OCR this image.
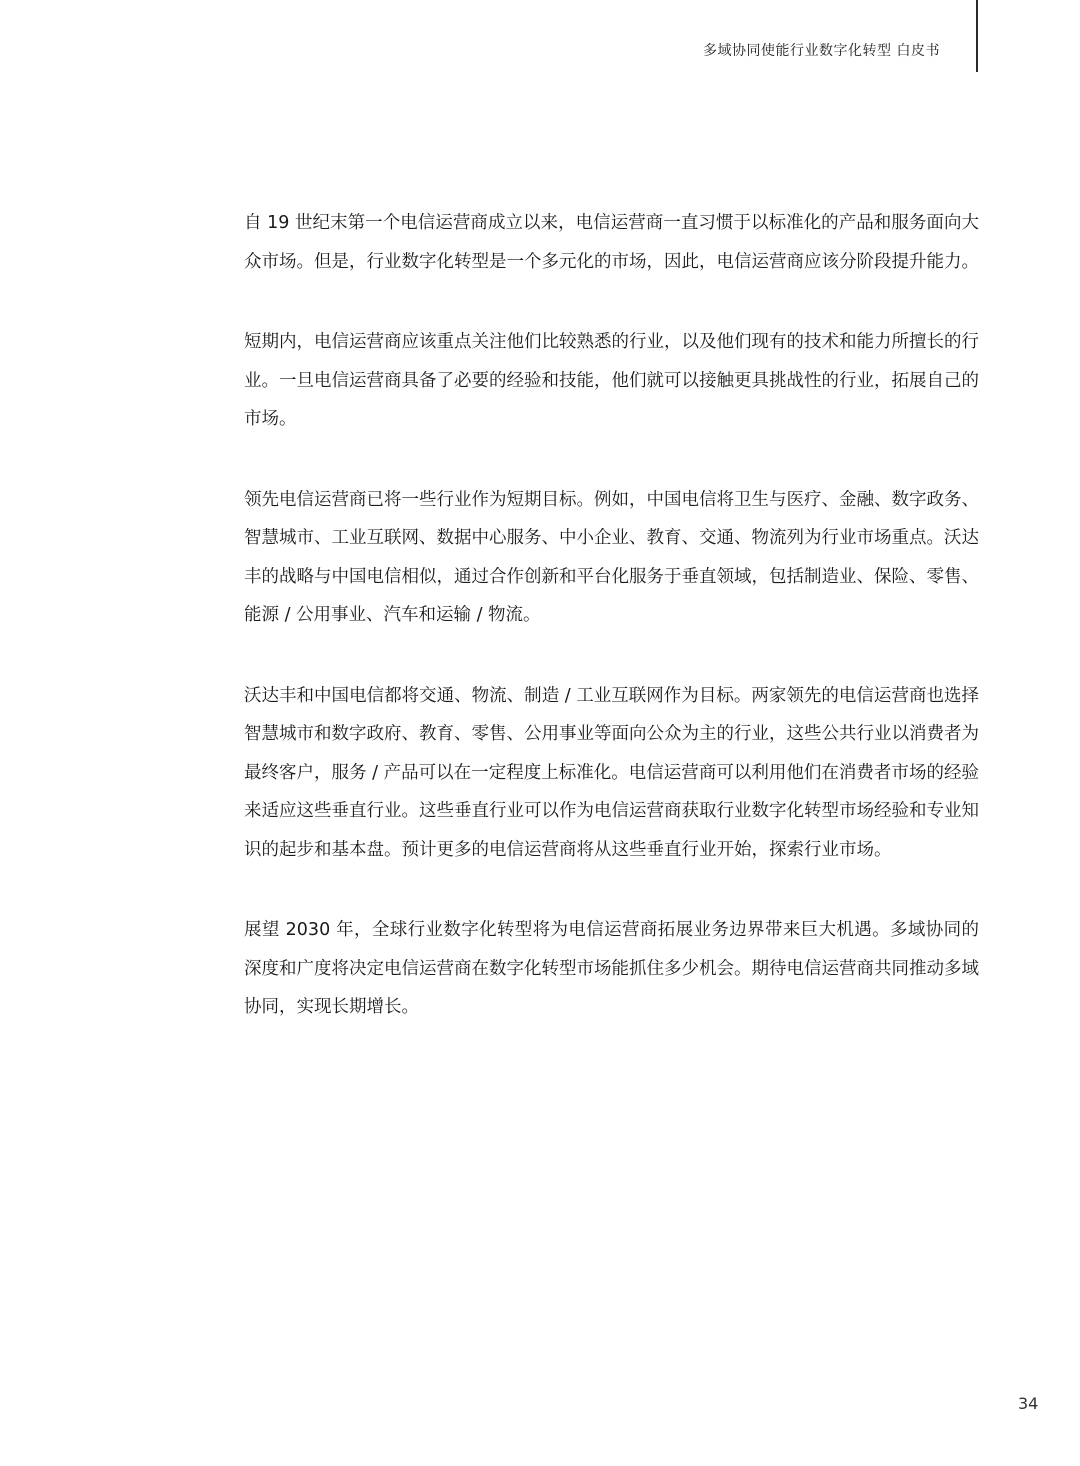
多域协同使能行业数字化转型 白皮书

自 19 世纪末第一个电信运营商成立以来，电信运营商一直习惯于以标准化的产品和服务面向大众市场。但是，行业数字化转型是一个多元化的市场，因此，电信运营商应该分阶段提升能力。

短期内，电信运营商应该重点关注他们比较熟悉的行业，以及他们现有的技术和能力所擅长的行业。一旦电信运营商具备了必要的经验和技能，他们就可以接触更具挑战性的行业，拓展自己的市场。

领先电信运营商已将一些行业作为短期目标。例如，中国电信将卫生与医疗、金融、数字政务、智慧城市、工业互联网、数据中心服务、中小企业、教育、交通、物流列为行业市场重点。沃达丰的战略与中国电信相似，通过合作创新和平台化服务于垂直领域，包括制造业、保险、零售、能源 / 公用事业、汽车和运输 / 物流。

沃达丰和中国电信都将交通、物流、制造 / 工业互联网作为目标。两家领先的电信运营商也选择智慧城市和数字政府、教育、零售、公用事业等面向公众为主的行业，这些公共行业以消费者为最终客户，服务 / 产品可以在一定程度上标准化。电信运营商可以利用他们在消费者市场的经验来适应这些垂直行业。这些垂直行业可以作为电信运营商获取行业数字化转型市场经验和专业知识的起步和基本盘。预计更多的电信运营商将从这些垂直行业开始，探索行业市场。

展望 2030 年，全球行业数字化转型将为电信运营商拓展业务边界带来巨大机遇。多域协同的深度和广度将决定电信运营商在数字化转型市场能抓住多少机会。期待电信运营商共同推动多域协同，实现长期增长。

34
